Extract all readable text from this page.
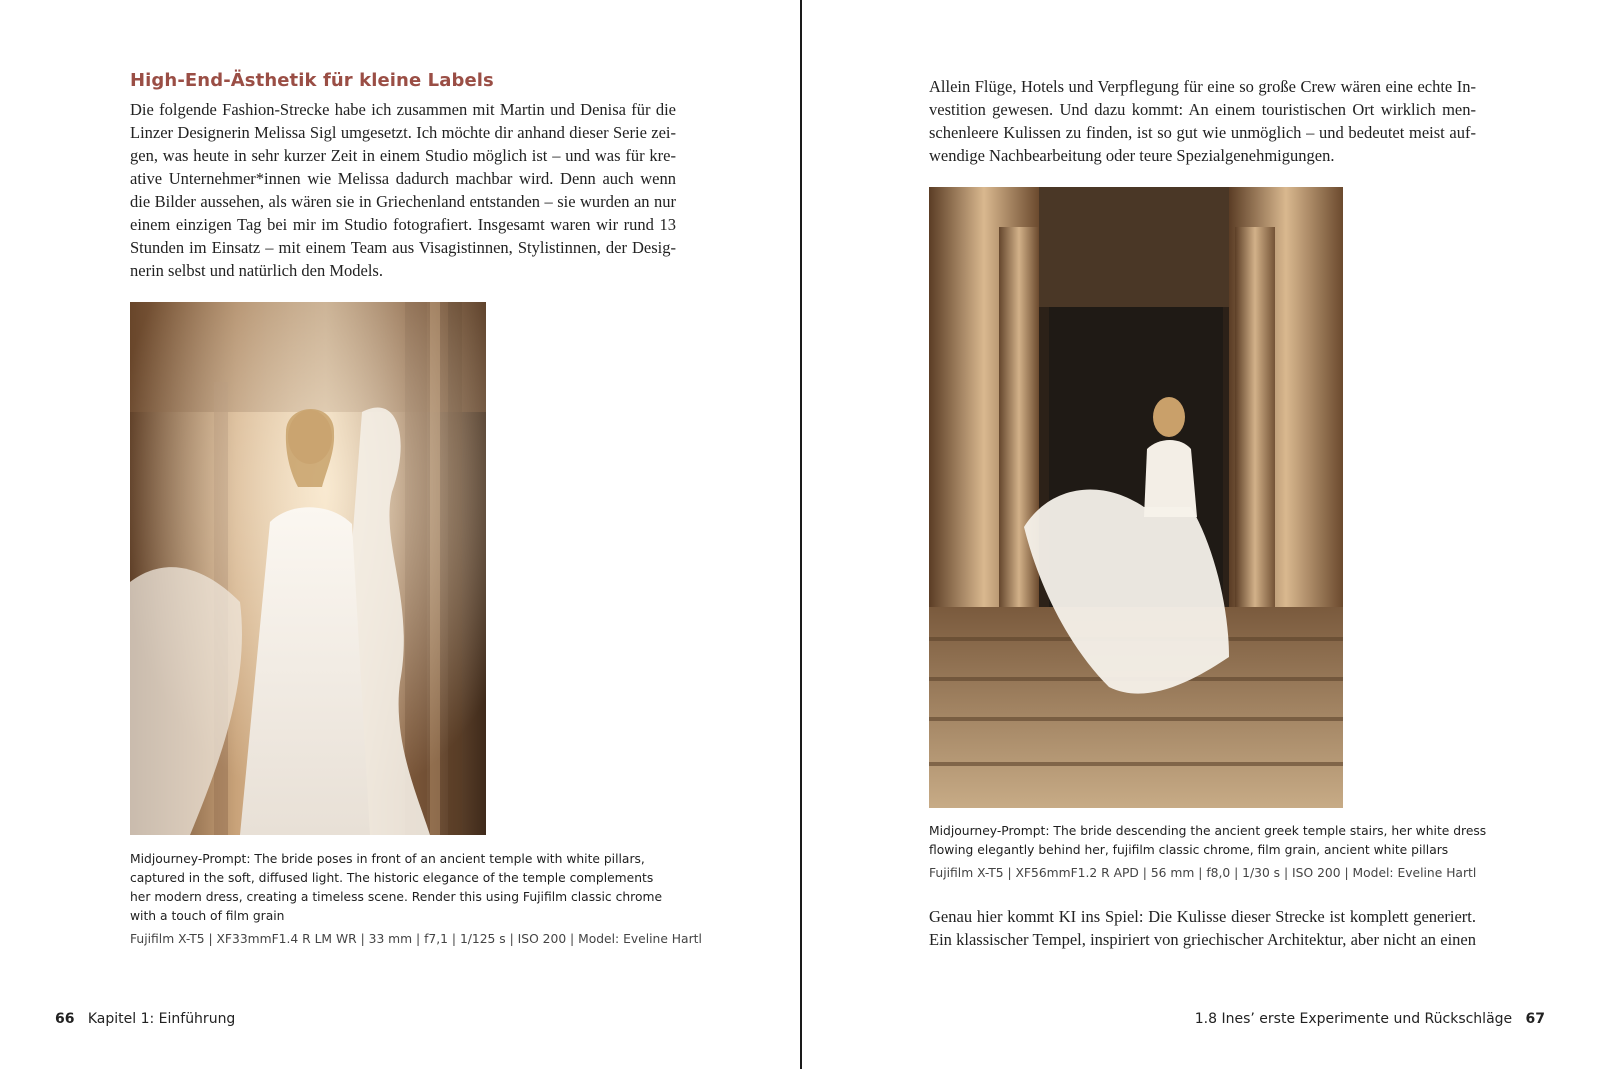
High-End-Ästhetik für kleine Labels

Die folgende Fashion-Strecke habe ich zusammen mit Martin und Denisa für die

Linzer Designerin Melissa Sigl umgesetzt. Ich möchte dir anhand dieser Serie zei-

gen, was heute in sehr kurzer Zeit in einem Studio möglich ist – und was für kre-

ative Unternehmer*innen wie Melissa dadurch machbar wird. Denn auch wenn

die Bilder aussehen, als wären sie in Griechenland entstanden – sie wurden an nur

einem einzigen Tag bei mir im Studio fotografiert. Insgesamt waren wir rund 13

Stunden im Einsatz – mit einem Team aus Visagistinnen, Stylistinnen, der Desig-

nerin selbst und natürlich den Models.

Midjourney-Prompt: The bride poses in front of an ancient temple with white pillars,

captured in the soft, diffused light. The historic elegance of the temple complements

her modern dress, creating a timeless scene. Render this using Fujifilm classic chrome

with a touch of film grain

Fujifilm X-T5 | XF33mmF1.4 R LM WR | 33 mm | f7,1 | 1/125 s | ISO 200 | Model: Eveline Hartl

66 Kapitel 1: Einführung

Allein Flüge, Hotels und Verpflegung für eine so große Crew wären eine echte In-

vestition gewesen. Und dazu kommt: An einem touristischen Ort wirklich men-

schenleere Kulissen zu finden, ist so gut wie unmöglich – und bedeutet meist auf-

wendige Nachbearbeitung oder teure Spezialgenehmigungen.

Midjourney-Prompt: The bride descending the ancient greek temple stairs, her white dress

flowing elegantly behind her, fujifilm classic chrome, film grain, ancient white pillars

Fujifilm X-T5 | XF56mmF1.2 R APD | 56 mm | f8,0 | 1/30 s | ISO 200 | Model: Eveline Hartl

Genau hier kommt KI ins Spiel: Die Kulisse dieser Strecke ist komplett generiert.

Ein klassischer Tempel, inspiriert von griechischer Architektur, aber nicht an einen

1.8 Ines’ erste Experimente und Rückschläge 67
